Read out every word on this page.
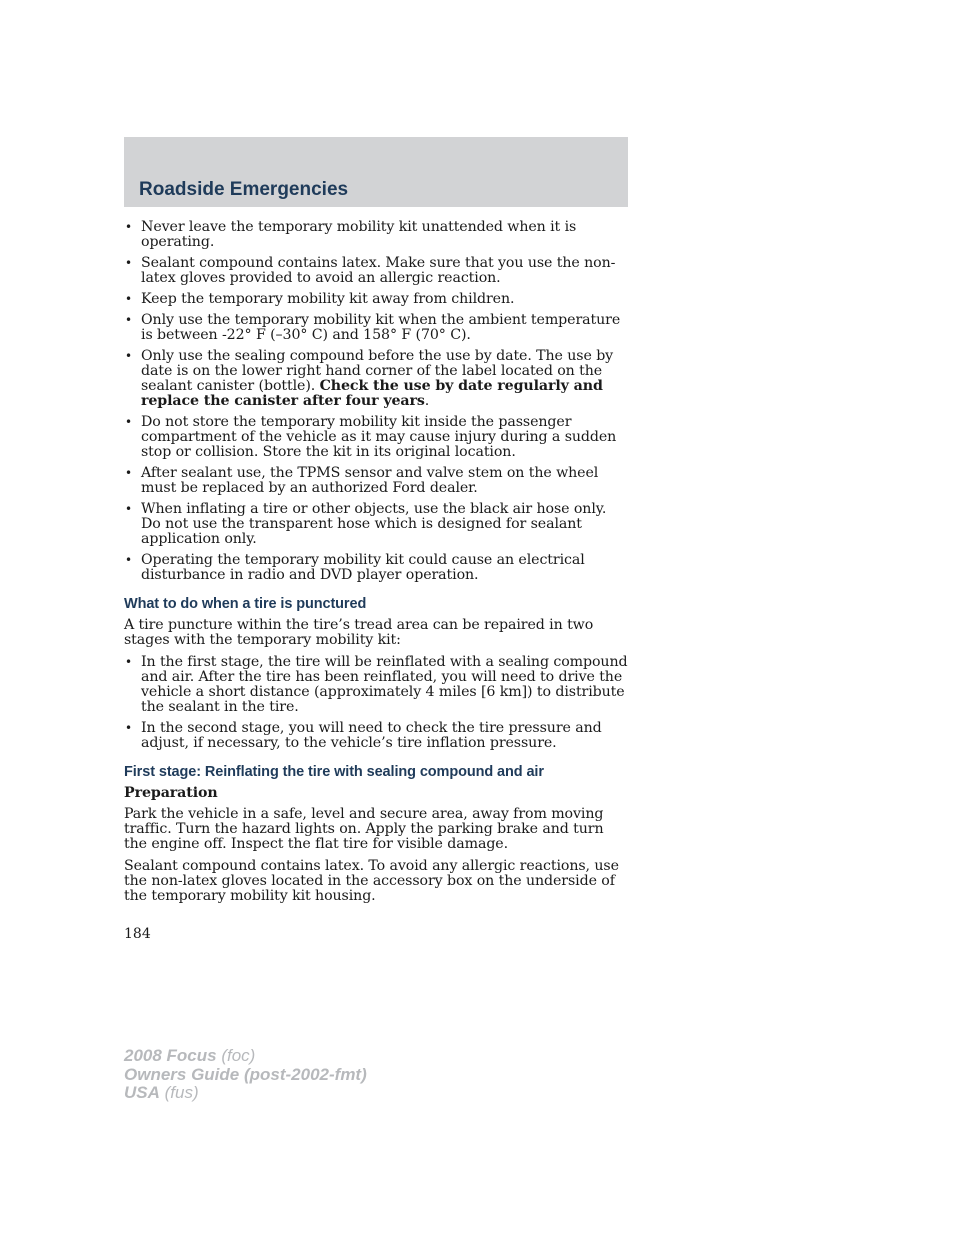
Roadside Emergencies
• Never leave the temporary mobility kit unattended when it is operating.
• Sealant compound contains latex. Make sure that you use the non-latex gloves provided to avoid an allergic reaction.
• Keep the temporary mobility kit away from children.
• Only use the temporary mobility kit when the ambient temperature is between -22° F (–30° C) and 158° F (70° C).
• Only use the sealing compound before the use by date. The use by date is on the lower right hand corner of the label located on the sealant canister (bottle). Check the use by date regularly and replace the canister after four years.
• Do not store the temporary mobility kit inside the passenger compartment of the vehicle as it may cause injury during a sudden stop or collision. Store the kit in its original location.
• After sealant use, the TPMS sensor and valve stem on the wheel must be replaced by an authorized Ford dealer.
• When inflating a tire or other objects, use the black air hose only. Do not use the transparent hose which is designed for sealant application only.
• Operating the temporary mobility kit could cause an electrical disturbance in radio and DVD player operation.
What to do when a tire is punctured

A tire puncture within the tire’s tread area can be repaired in two stages with the temporary mobility kit:

• In the first stage, the tire will be reinflated with a sealing compound and air. After the tire has been reinflated, you will need to drive the vehicle a short distance (approximately 4 miles [6 km]) to distribute the sealant in the tire.
• In the second stage, you will need to check the tire pressure and adjust, if necessary, to the vehicle’s tire inflation pressure.
First stage: Reinflating the tire with sealing compound and air
Preparation

Park the vehicle in a safe, level and secure area, away from moving traffic. Turn the hazard lights on. Apply the parking brake and turn the engine off. Inspect the flat tire for visible damage.

Sealant compound contains latex. To avoid any allergic reactions, use the non-latex gloves located in the accessory box on the underside of the temporary mobility kit housing.

184
2008 Focus (foc)
Owners Guide (post-2002-fmt)
USA (fus)
